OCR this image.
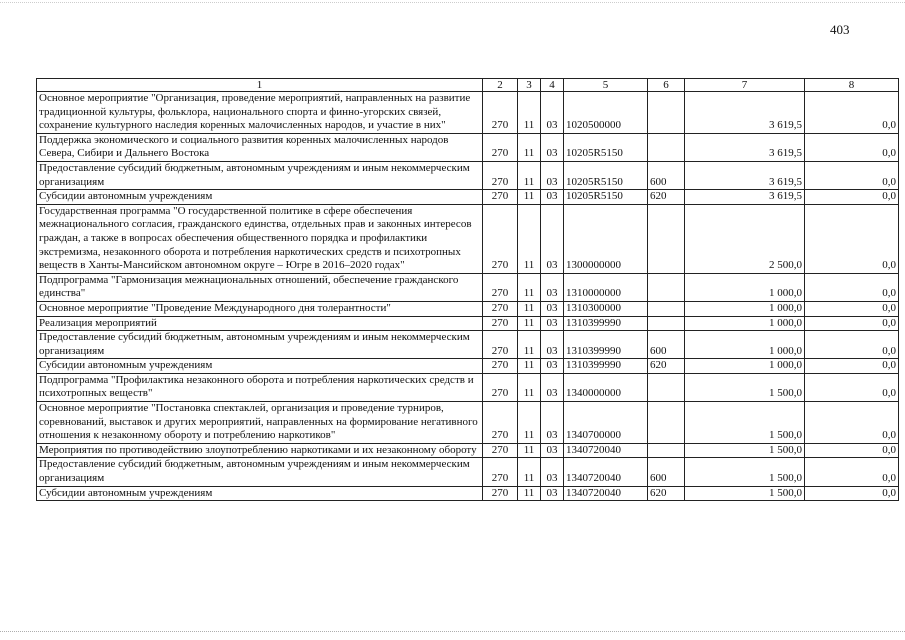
403
1	2	3	4	5	6	7	8
Основное мероприятие "Организация, проведение мероприятий, направленных на развитие традиционной культуры, фольклора, национального спорта и финно-угорских связей, сохранение культурного наследия коренных малочисленных народов, и участие в них"	270	11	03	1020500000		3 619,5	0,0
Поддержка экономического и социального развития коренных малочисленных народов Севера, Сибири и Дальнего Востока	270	11	03	10205R5150		3 619,5	0,0
Предоставление субсидий бюджетным, автономным учреждениям и иным некоммерческим организациям	270	11	03	10205R5150	600	3 619,5	0,0
Субсидии автономным учреждениям	270	11	03	10205R5150	620	3 619,5	0,0
Государственная программа "О государственной политике в сфере обеспечения межнационального согласия, гражданского единства, отдельных прав и законных интересов граждан, а также в вопросах обеспечения общественного порядка и профилактики экстремизма, незаконного оборота и потребления наркотических средств и психотропных веществ в Ханты-Мансийском автономном округе – Югре в 2016–2020 годах"	270	11	03	1300000000		2 500,0	0,0
Подпрограмма "Гармонизация межнациональных отношений, обеспечение гражданского единства"	270	11	03	1310000000		1 000,0	0,0
Основное мероприятие "Проведение Международного дня толерантности"	270	11	03	1310300000		1 000,0	0,0
Реализация мероприятий	270	11	03	1310399990		1 000,0	0,0
Предоставление субсидий бюджетным, автономным учреждениям и иным некоммерческим организациям	270	11	03	1310399990	600	1 000,0	0,0
Субсидии автономным учреждениям	270	11	03	1310399990	620	1 000,0	0,0
Подпрограмма "Профилактика незаконного оборота и потребления наркотических средств и психотропных веществ"	270	11	03	1340000000		1 500,0	0,0
Основное мероприятие "Постановка спектаклей, организация и проведение турниров, соревнований, выставок и других мероприятий, направленных на формирование негативного отношения к незаконному обороту и потреблению наркотиков"	270	11	03	1340700000		1 500,0	0,0
Мероприятия по противодействию злоупотреблению наркотиками и их незаконному обороту	270	11	03	1340720040		1 500,0	0,0
Предоставление субсидий бюджетным, автономным учреждениям и иным некоммерческим организациям	270	11	03	1340720040	600	1 500,0	0,0
Субсидии автономным учреждениям	270	11	03	1340720040	620	1 500,0	0,0
